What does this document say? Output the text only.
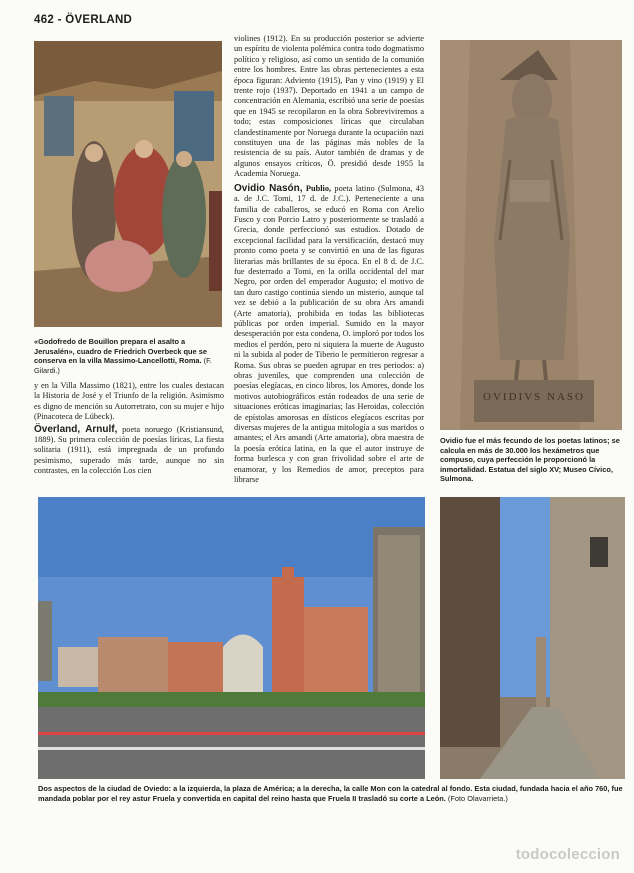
462 - ÖVERLAND
«Godofredo de Bouillon prepara el asalto a Jerusalén», cuadro de Friedrich Overbeck que se conserva en la villa Massimo-Lancellotti, Roma. (F. Gilardi.)

y en la Villa Massimo (1821), entre los cuales destacan la Historia de José y el Triunfo de la religión. Asimismo es digno de mención su Autorretrato, con su mujer e hijo (Pinacoteca de Lübeck).

Överland, Arnulf, poeta noruego (Kristiansund, 1889). Su primera colección de poesías líricas, La fiesta solitaria (1911), está impregnada de un profundo pesimismo, superado más tarde, aunque no sin contrastes, en la colección Los cien

violines (1912). En su producción posterior se advierte un espíritu de violenta polémica contra todo dogmatismo político y religioso, así como un sentido de la comunión entre los hombres. Entre las obras pertenecientes a esta época figuran: Adviento (1915), Pan y vino (1919) y El trente rojo (1937). Deportado en 1941 a un campo de concentración en Alemania, escribió una serie de poesías que en 1945 se recopilaron en la obra Sobreviviremos a todo; estas composiciones líricas que circulaban clandestinamente por Noruega durante la ocupación nazi constituyen una de las páginas más nobles de la resistencia de su país. Autor también de dramas y de algunos ensayos críticos, Ö. presidió desde 1955 la Academia Noruega.

Ovidio Nasón, Publio, poeta latino (Sulmona, 43 a. de J.C. Tomi, 17 d. de J.C.). Perteneciente a una familia de caballeros, se educó en Roma con Arelio Fusco y con Porcio Latro y posteriormente se trasladó a Grecia, donde perfeccionó sus estudios. Dotado de excepcional facilidad para la versificación, destacó muy pronto como poeta y se convirtió en una de las figuras literarias más brillantes de su época. En el 8 d. de J.C. fue desterrado a Tomi, en la orilla occidental del mar Negro, por orden del emperador Augusto; el motivo de tan duro castigo continúa siendo un misterio, aunque tal vez se debió a la publicación de su obra Ars amandi (Arte amatoria), prohibida en todas las bibliotecas públicas por orden imperial. Sumido en la mayor desesperación por esta condena, O. imploró por todos los medios el perdón, pero ni siquiera la muerte de Augusto ni la subida al poder de Tiberio le permitieron regresar a Roma. Sus obras se pueden agrupar en tres periodos: a) obras juveniles, que comprenden una colección de poesías elegíacas, en cinco libros, los Amores, donde los motivos autobiográficos están rodeados de una serie de situaciones eróticas imaginarias; las Heroidas, colección de epístolas amorosas en dísticos elegíacos escritas por diversas mujeres de la antigua mitología a sus maridos o amantes; el Ars amandi (Arte amatoria), obra maestra de la poesía erótica latina, en la que el autor instruye de forma burlesca y con gran frivolidad sobre el arte de enamorar, y los Remedios de amor, preceptos para librarse

OVIDIVS NASO
Ovidio fue el más fecundo de los poetas latinos; se calcula en más de 30.000 los hexámetros que compuso, cuya perfección le proporcionó la inmortalidad. Estatua del siglo XV; Museo Cívico, Sulmona.
Dos aspectos de la ciudad de Oviedo: a la izquierda, la plaza de América; a la derecha, la calle Mon con la catedral al fondo. Esta ciudad, fundada hacia el año 760, fue mandada poblar por el rey astur Fruela y convertida en capital del reino hasta que Fruela II trasladó su corte a León. (Foto Olavarrieta.)
todocoleccion
